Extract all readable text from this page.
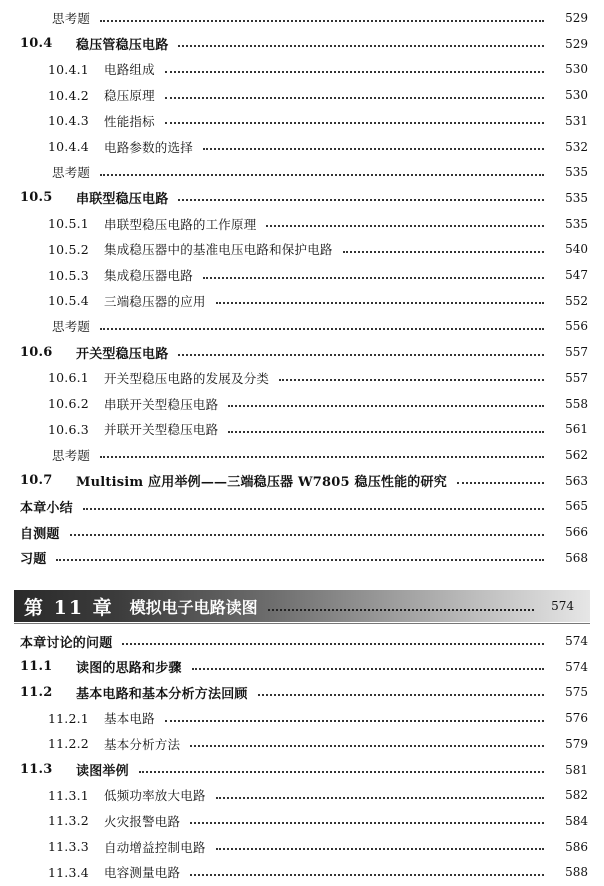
思考题	529
10.4	稳压管稳压电路	529
10.4.1	电路组成	530
10.4.2	稳压原理	530
10.4.3	性能指标	531
10.4.4	电路参数的选择	532
思考题	535
10.5	串联型稳压电路	535
10.5.1	串联型稳压电路的工作原理	535
10.5.2	集成稳压器中的基准电压电路和保护电路	540
10.5.3	集成稳压器电路	547
10.5.4	三端稳压器的应用	552
思考题	556
10.6	开关型稳压电路	557
10.6.1	开关型稳压电路的发展及分类	557
10.6.2	串联开关型稳压电路	558
10.6.3	并联开关型稳压电路	561
思考题	562
10.7	Multisim 应用举例——三端稳压器 W7805 稳压性能的研究	563
本章小结	565
自测题	566
习题	568
第 11 章 模拟电子电路读图	574
本章讨论的问题	574
11.1	读图的思路和步骤	574
11.2	基本电路和基本分析方法回顾	575
11.2.1	基本电路	576
11.2.2	基本分析方法	579
11.3	读图举例	581
11.3.1	低频功率放大电路	582
11.3.2	火灾报警电路	584
11.3.3	自动增益控制电路	586
11.3.4	电容测量电路	588
